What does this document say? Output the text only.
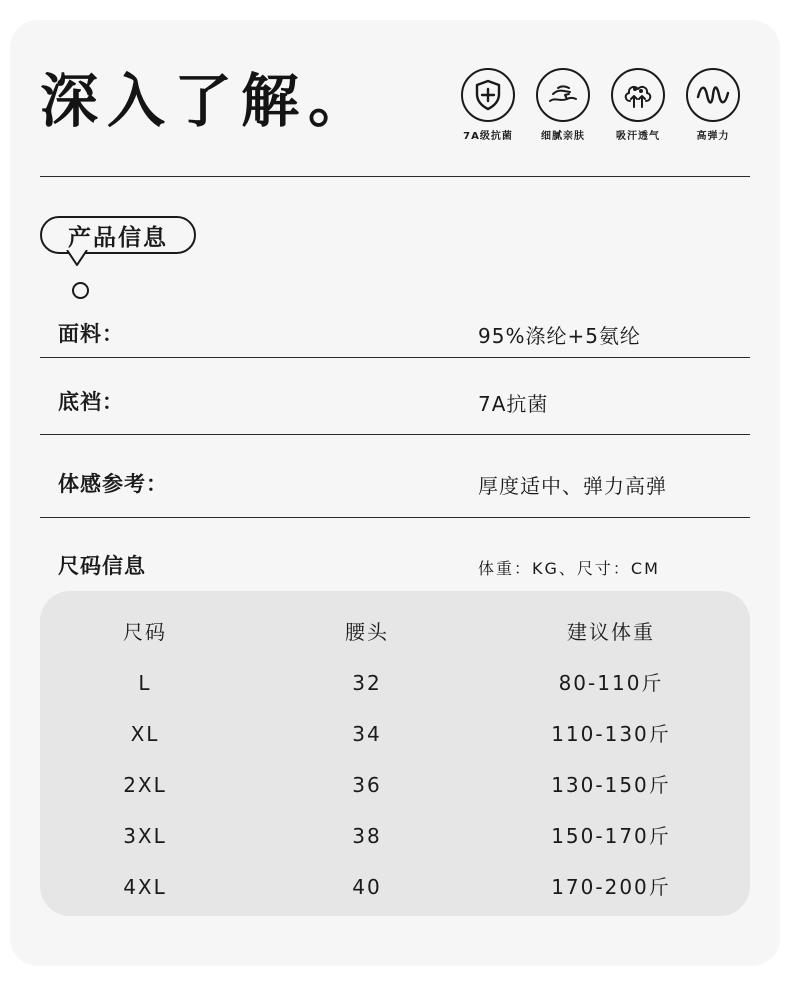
深入了解。
7A级抗菌	细腻亲肤	吸汗透气	高弹力
产品信息
面料：	95%涤纶+5氨纶
底裆：	7A抗菌
体感参考：	厚度适中、弹力高弹
尺码信息	体重：KG、尺寸：CM
尺码	腰头	建议体重
L	32	80-110斤
XL	34	110-130斤
2XL	36	130-150斤
3XL	38	150-170斤
4XL	40	170-200斤
